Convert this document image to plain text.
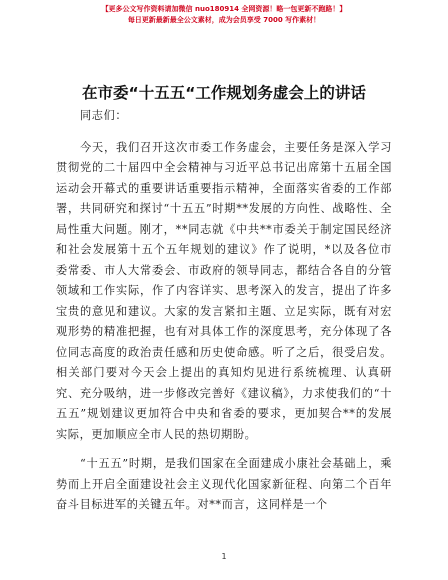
【更多公文写作资料请加微信 nuo180914 全网资源！略一包更新不跑路！】
每日更新最新最全公文素材，成为会员享受 7000 写作素材！
在市委“十五五“工作规划务虚会上的讲话

同志们：

今天，我们召开这次市委工作务虚会，主要任务是深入学习贯彻党的二十届四中全会精神与习近平总书记出席第十五届全国运动会开幕式的重要讲话重要指示精神，全面落实省委的工作部署，共同研究和探讨“十五五”时期**发展的方向性、战略性、全局性重大问题。刚才，**同志就《中共**市委关于制定国民经济和社会发展第十五个五年规划的建议》作了说明，*以及各位市委常委、市人大常委会、市政府的领导同志，都结合各自的分管领域和工作实际，作了内容详实、思考深入的发言，提出了许多宝贵的意见和建议。大家的发言紧扣主题、立足实际，既有对宏观形势的精准把握，也有对具体工作的深度思考，充分体现了各位同志高度的政治责任感和历史使命感。听了之后，很受启发。相关部门要对今天会上提出的真知灼见进行系统梳理、认真研究、充分吸纳，进一步修改完善好《建议稿》，力求使我们的“十五五”规划建议更加符合中央和省委的要求，更加契合**的发展实际，更加顺应全市人民的热切期盼。

“十五五”时期，是我们国家在全面建成小康社会基础上，乘势而上开启全面建设社会主义现代化国家新征程、向第二个百年奋斗目标进军的关键五年。对**而言，这同样是一个

1
